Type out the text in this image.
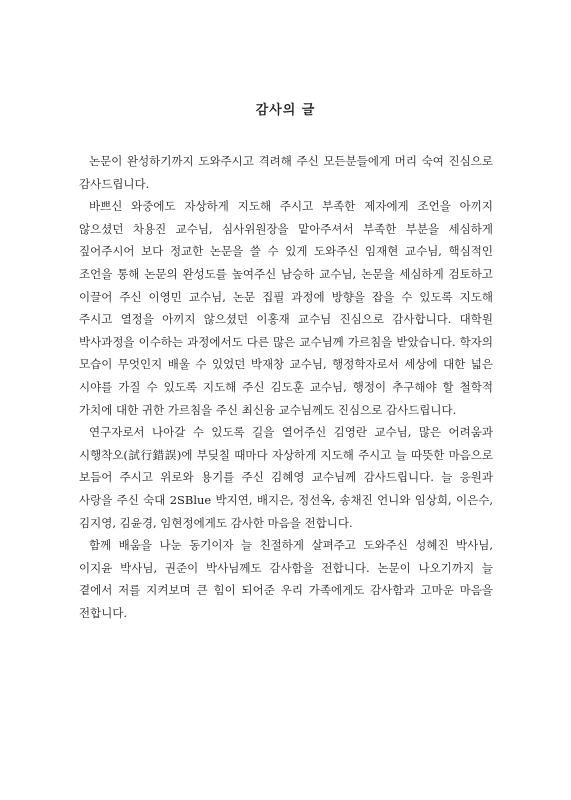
감사의 글

논문이 완성하기까지 도와주시고 격려해 주신 모든분들에게 머리 숙여 진심으로 감사드립니다.

바쁘신 와중에도 자상하게 지도해 주시고 부족한 제자에게 조언을 아끼지 않으셨던 차용진 교수님, 심사위원장을 맡아주셔서 부족한 부분을 세심하게 짚어주시어 보다 정교한 논문을 쓸 수 있게 도와주신 임재현 교수님, 핵심적인 조언을 통해 논문의 완성도를 높여주신 남승하 교수님, 논문을 세심하게 검토하고 이끌어 주신 이영민 교수님, 논문 집필 과정에 방향을 잡을 수 있도록 지도해 주시고 열정을 아끼지 않으셨던 이홍재 교수님 진심으로 감사합니다. 대학원 박사과정을 이수하는 과정에서도 다른 많은 교수님께 가르침을 받았습니다. 학자의 모습이 무엇인지 배울 수 있었던 박재창 교수님, 행정학자로서 세상에 대한 넓은 시야를 가질 수 있도록 지도해 주신 김도훈 교수님, 행정이 추구해야 할 철학적 가치에 대한 귀한 가르침을 주신 최신융 교수님께도 진심으로 감사드립니다.

연구자로서 나아갈 수 있도록 길을 열어주신 김영란 교수님, 많은 어려움과 시행착오(試行錯誤)에 부딪칠 때마다 자상하게 지도해 주시고 늘 따뜻한 마음으로 보듬어 주시고 위로와 용기를 주신 김혜영 교수님께 감사드립니다. 늘 응원과 사랑을 주신 숙대 2SBlue 박지연, 배지은, 정선옥, 송채진 언니와 임상희, 이은수, 김지영, 김윤경, 임현정에게도 감사한 마음을 전합니다.

함께 배움을 나눈 동기이자 늘 친절하게 살펴주고 도와주신 성혜진 박사님, 이지윤 박사님, 권준이 박사님께도 감사함을 전합니다. 논문이 나오기까지 늘 곁에서 저를 지켜보며 큰 힘이 되어준 우리 가족에게도 감사함과 고마운 마음을 전합니다.
